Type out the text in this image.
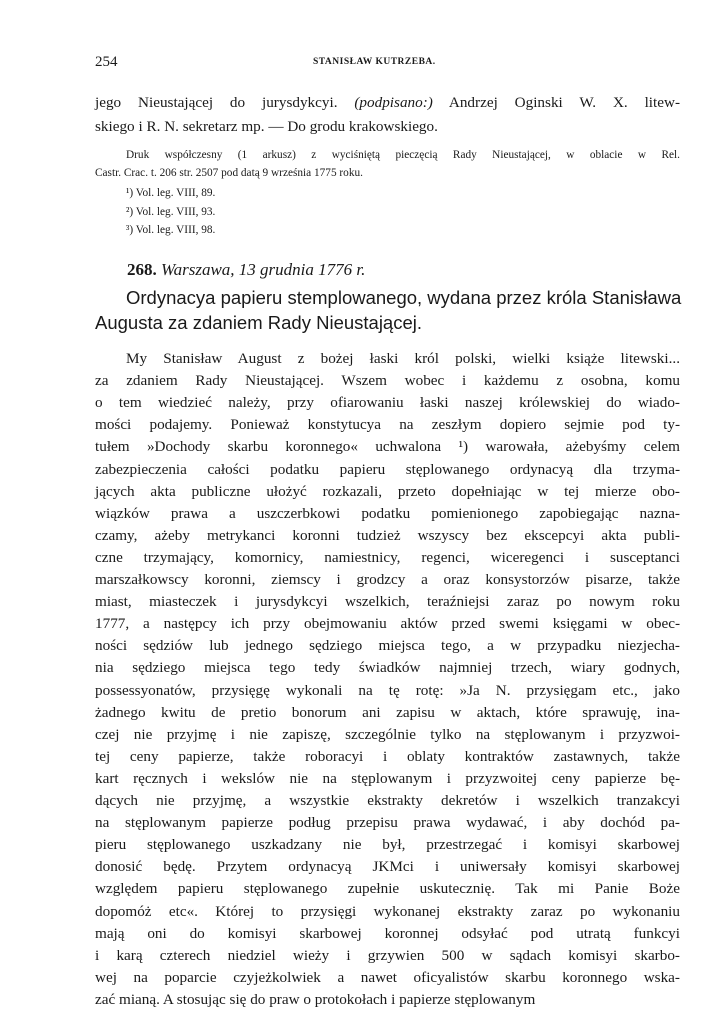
254	STANISŁAW KUTRZEBA.
jego Nieustającej do jurysdykcyi. (podpisano:) Andrzej Oginski W. X. litew-
skiego i R. N. sekretarz mp. — Do grodu krakowskiego.
Druk współczesny (1 arkusz) z wyciśniętą pieczęcią Rady Nieustającej, w oblacie w Rel.
Castr. Crac. t. 206 str. 2507 pod datą 9 września 1775 roku.
¹) Vol. leg. VIII, 89.
²) Vol. leg. VIII, 93.
³) Vol. leg. VIII, 98.
268. Warszawa, 13 grudnia 1776 r.
Ordynacya papieru stemplowanego, wydana przez króla Stanisława
Augusta za zdaniem Rady Nieustającej.
My Stanisław August z bożej łaski król polski, wielki książe litewski...
za zdaniem Rady Nieustającej. Wszem wobec i każdemu z osobna, komu
o tem wiedzieć należy, przy ofiarowaniu łaski naszej królewskiej do wiado-
mości podajemy. Ponieważ konstytucya na zeszłym dopiero sejmie pod ty-
tułem »Dochody skarbu koronnego« uchwalona ¹) warowała, ażebyśmy celem
zabezpieczenia całości podatku papieru stęplowanego ordynacyą dla trzyma-
jących akta publiczne ułożyć rozkazali, przeto dopełniając w tej mierze obo-
wiązków prawa a uszczerbkowi podatku pomienionego zapobiegając nazna-
czamy, ażeby metrykanci koronni tudzież wszyscy bez ekscepcyi akta publi-
czne trzymający, komornicy, namiestnicy, regenci, wiceregenci i susceptanci
marszałkowscy koronni, ziemscy i grodzcy a oraz konsystorzów pisarze, także
miast, miasteczek i jurysdykcyi wszelkich, teraźniejsi zaraz po nowym roku
1777, a następcy ich przy obejmowaniu aktów przed swemi księgami w obec-
ności sędziów lub jednego sędziego miejsca tego, a w przypadku niezjecha-
nia sędziego miejsca tego tedy świadków najmniej trzech, wiary godnych,
possessyonatów, przysięgę wykonali na tę rotę: »Ja N. przysięgam etc., jako
żadnego kwitu de pretio bonorum ani zapisu w aktach, które sprawuję, ina-
czej nie przyjmę i nie zapiszę, szczególnie tylko na stęplowanym i przyzwoi-
tej ceny papierze, także roboracyi i oblaty kontraktów zastawnych, także
kart ręcznych i wekslów nie na stęplowanym i przyzwoitej ceny papierze bę-
dących nie przyjmę, a wszystkie ekstrakty dekretów i wszelkich tranzakcyi
na stęplowanym papierze podług przepisu prawa wydawać, i aby dochód pa-
pieru stęplowanego uszkadzany nie był, przestrzegać i komisyi skarbowej
donosić będę. Przytem ordynacyą JKMci i uniwersały komisyi skarbowej
względem papieru stęplowanego zupełnie uskutecznię. Tak mi Panie Boże
dopomóż etc«. Której to przysięgi wykonanej ekstrakty zaraz po wykonaniu
mają oni do komisyi skarbowej koronnej odsyłać pod utratą funkcyi
i karą czterech niedziel wieży i grzywien 500 w sądach komisyi skarbo-
wej na poparcie czyjeżkolwiek a nawet oficyalistów skarbu koronnego wska-
zać mianą. A stosując się do praw o protokołach i papierze stęplowanym
